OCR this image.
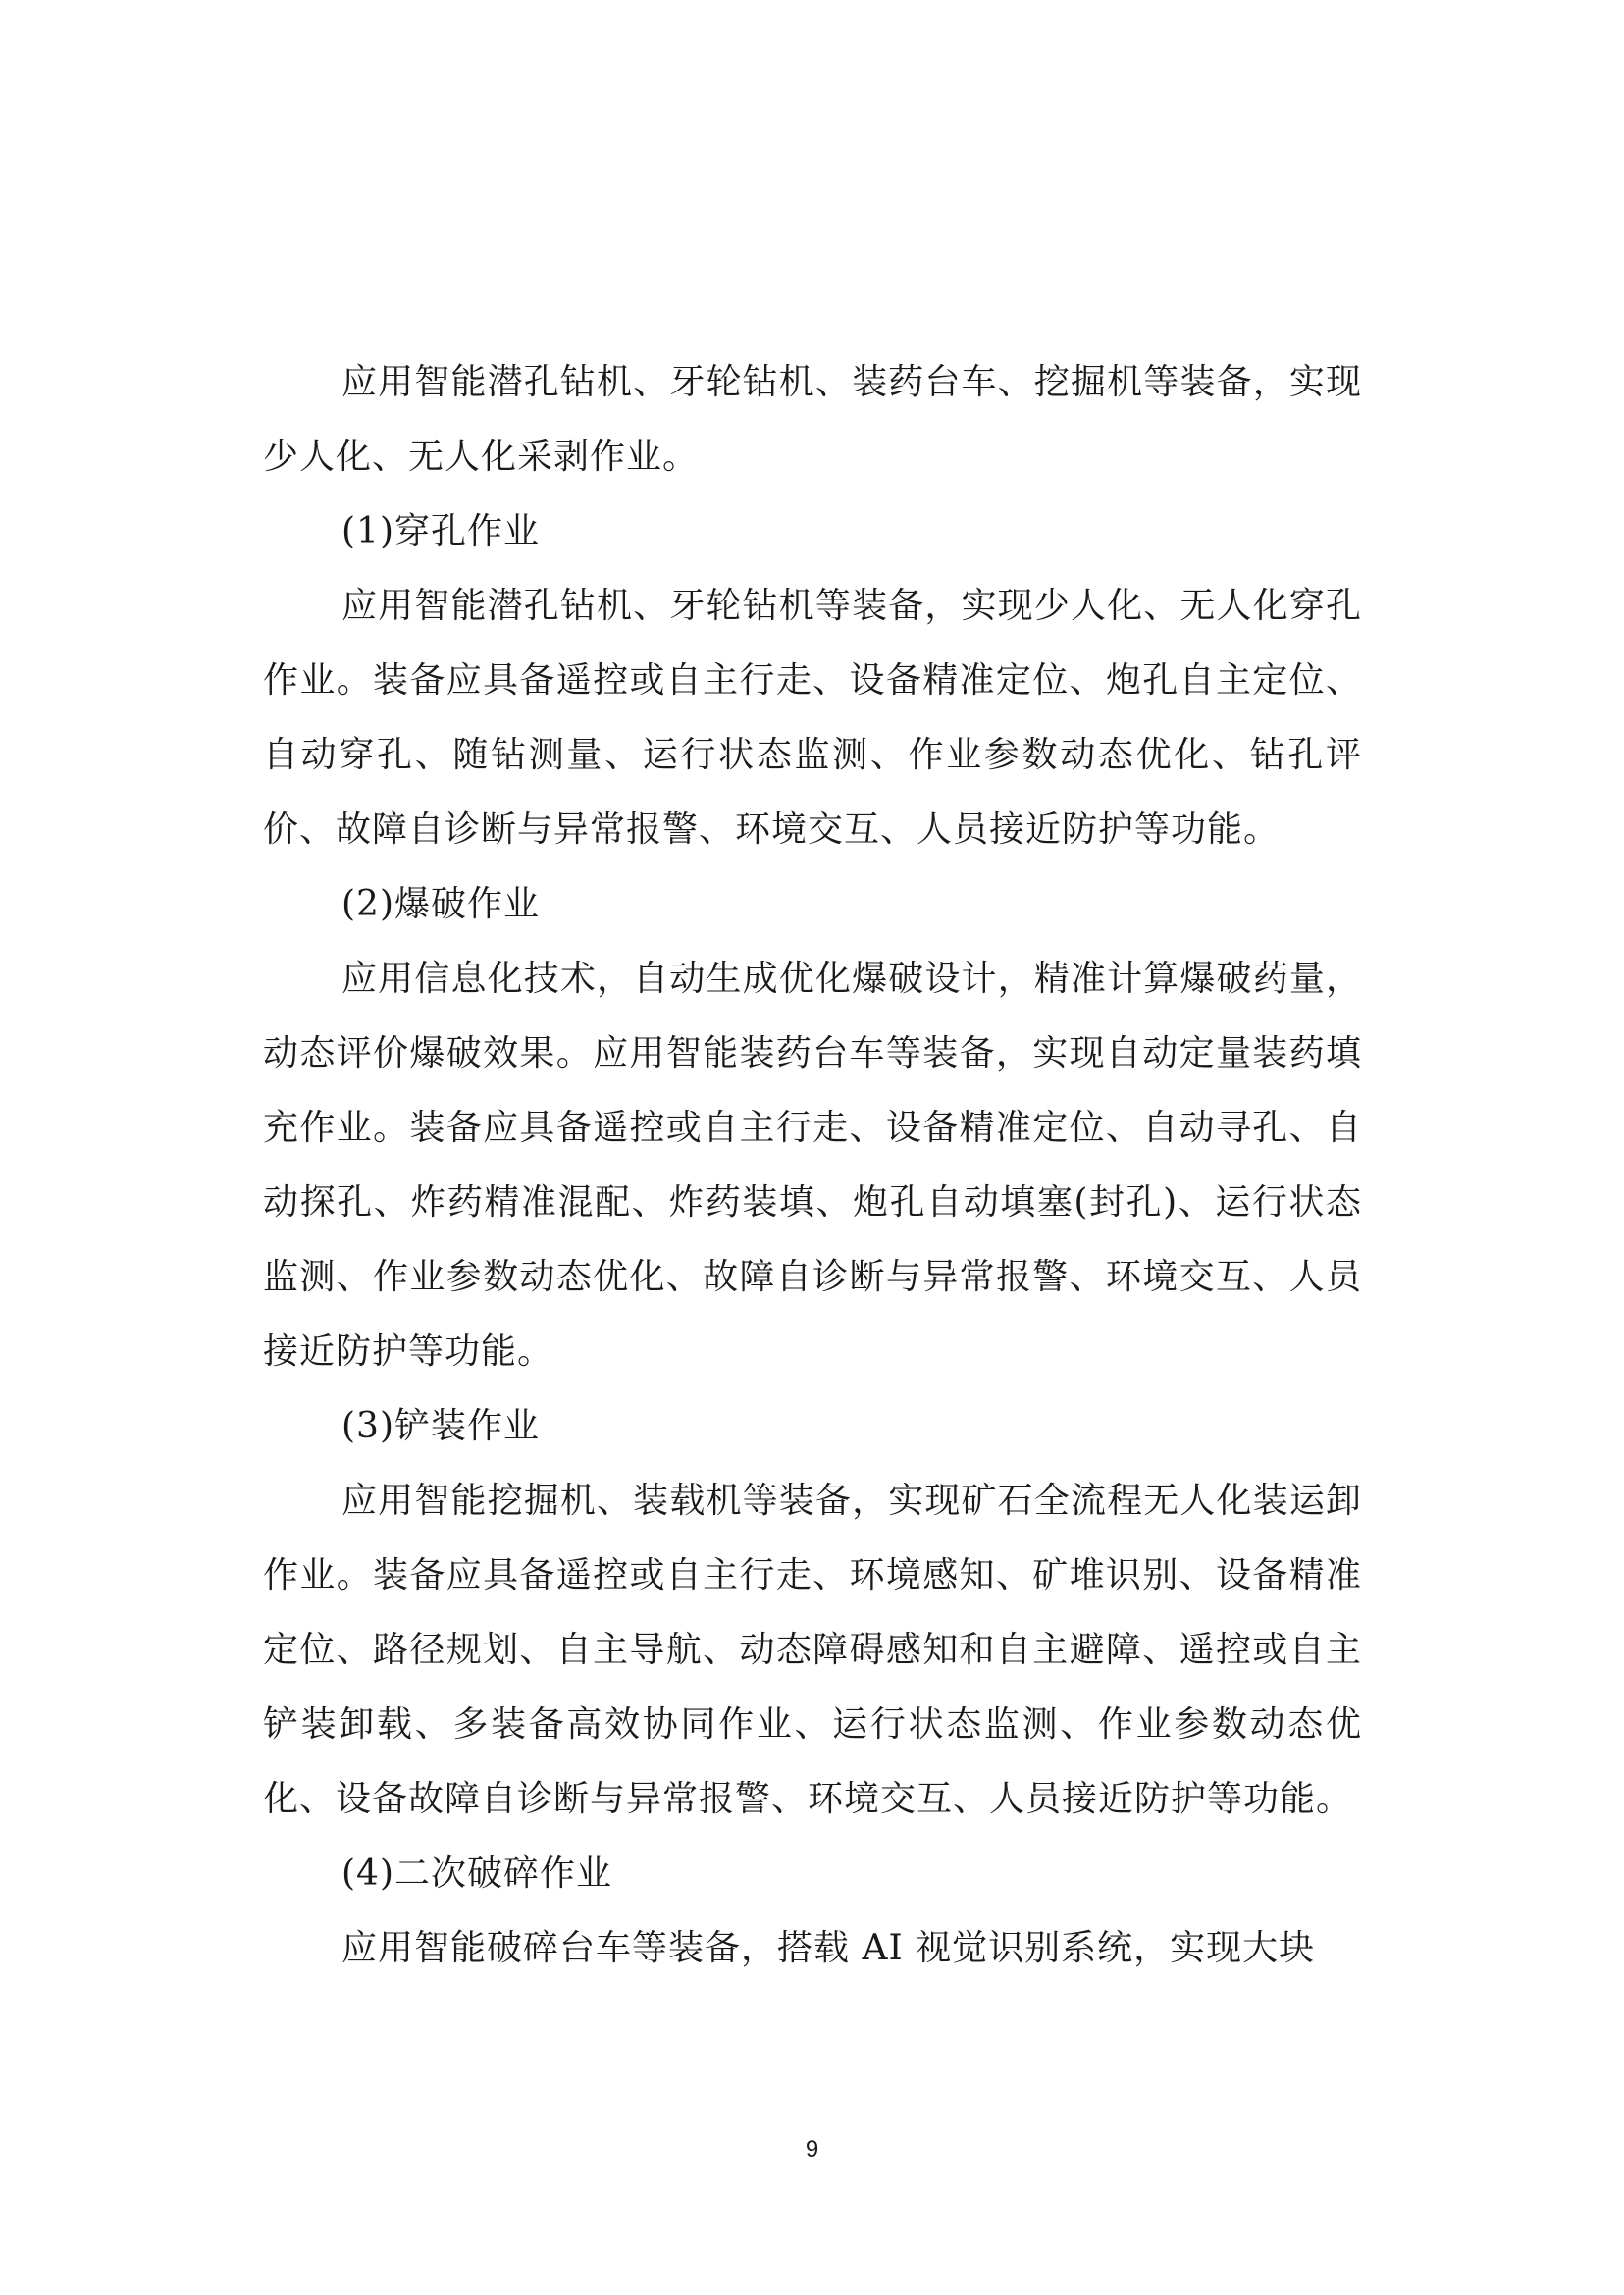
应用智能潜孔钻机、牙轮钻机、装药台车、挖掘机等装备，实现少人化、无人化采剥作业。

(1)穿孔作业

应用智能潜孔钻机、牙轮钻机等装备，实现少人化、无人化穿孔作业。装备应具备遥控或自主行走、设备精准定位、炮孔自主定位、自动穿孔、随钻测量、运行状态监测、作业参数动态优化、钻孔评价、故障自诊断与异常报警、环境交互、人员接近防护等功能。

(2)爆破作业

应用信息化技术，自动生成优化爆破设计，精准计算爆破药量，动态评价爆破效果。应用智能装药台车等装备，实现自动定量装药填充作业。装备应具备遥控或自主行走、设备精准定位、自动寻孔、自动探孔、炸药精准混配、炸药装填、炮孔自动填塞(封孔)、运行状态监测、作业参数动态优化、故障自诊断与异常报警、环境交互、人员接近防护等功能。

(3)铲装作业

应用智能挖掘机、装载机等装备，实现矿石全流程无人化装运卸作业。装备应具备遥控或自主行走、环境感知、矿堆识别、设备精准定位、路径规划、自主导航、动态障碍感知和自主避障、遥控或自主铲装卸载、多装备高效协同作业、运行状态监测、作业参数动态优化、设备故障自诊断与异常报警、环境交互、人员接近防护等功能。

(4)二次破碎作业

应用智能破碎台车等装备，搭载 AI 视觉识别系统，实现大块

9
